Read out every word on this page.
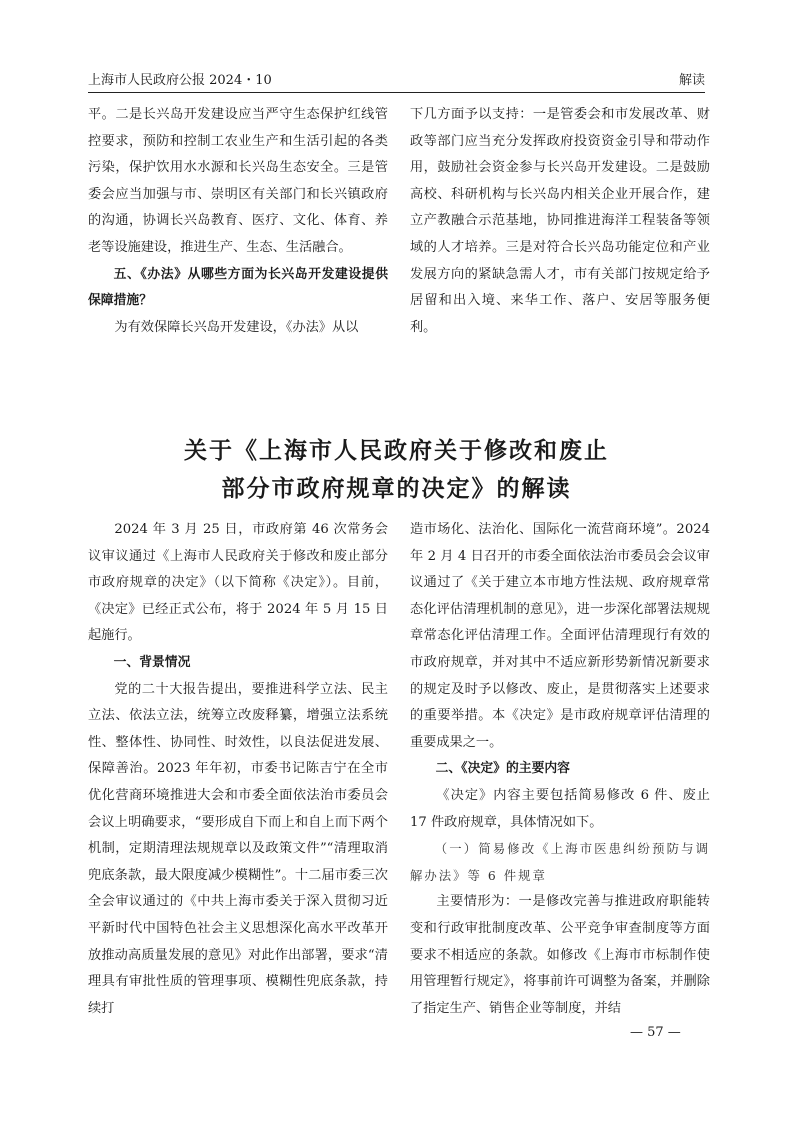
上海市人民政府公报 2024・10	解读

平。二是长兴岛开发建设应当严守生态保护红线管控要求，预防和控制工农业生产和生活引起的各类污染，保护饮用水水源和长兴岛生态安全。三是管委会应当加强与市、崇明区有关部门和长兴镇政府的沟通，协调长兴岛教育、医疗、文化、体育、养老等设施建设，推进生产、生态、生活融合。

五、《办法》从哪些方面为长兴岛开发建设提供保障措施？

为有效保障长兴岛开发建设，《办法》从以

下几方面予以支持：一是管委会和市发展改革、财政等部门应当充分发挥政府投资资金引导和带动作用，鼓励社会资金参与长兴岛开发建设。二是鼓励高校、科研机构与长兴岛内相关企业开展合作，建立产教融合示范基地，协同推进海洋工程装备等领域的人才培养。三是对符合长兴岛功能定位和产业发展方向的紧缺急需人才，市有关部门按规定给予居留和出入境、来华工作、落户、安居等服务便利。

关于《上海市人民政府关于修改和废止
部分市政府规章的决定》的解读

2024 年 3 月 25 日，市政府第 46 次常务会议审议通过《上海市人民政府关于修改和废止部分市政府规章的决定》（以下简称《决定》）。目前，《决定》已经正式公布，将于 2024 年 5 月 15 日起施行。

一、背景情况

党的二十大报告提出，要推进科学立法、民主立法、依法立法，统筹立改废释纂，增强立法系统性、整体性、协同性、时效性，以良法促进发展、保障善治。2023 年年初，市委书记陈吉宁在全市优化营商环境推进大会和市委全面依法治市委员会会议上明确要求，“要形成自下而上和自上而下两个机制，定期清理法规规章以及政策文件”“清理取消兜底条款，最大限度减少模糊性”。十二届市委三次全会审议通过的《中共上海市委关于深入贯彻习近平新时代中国特色社会主义思想深化高水平改革开放推动高质量发展的意见》对此作出部署，要求“清理具有审批性质的管理事项、模糊性兜底条款，持续打

造市场化、法治化、国际化一流营商环境”。2024 年 2 月 4 日召开的市委全面依法治市委员会会议审议通过了《关于建立本市地方性法规、政府规章常态化评估清理机制的意见》，进一步深化部署法规规章常态化评估清理工作。全面评估清理现行有效的市政府规章，并对其中不适应新形势新情况新要求的规定及时予以修改、废止，是贯彻落实上述要求的重要举措。本《决定》是市政府规章评估清理的重要成果之一。

二、《决定》的主要内容

《决定》内容主要包括简易修改 6 件、废止 17 件政府规章，具体情况如下。

（一）简易修改《上海市医患纠纷预防与调解办法》等 6 件规章

主要情形为：一是修改完善与推进政府职能转变和行政审批制度改革、公平竞争审查制度等方面要求不相适应的条款。如修改《上海市市标制作使用管理暂行规定》，将事前许可调整为备案，并删除了指定生产、销售企业等制度，并结

— 57 —
